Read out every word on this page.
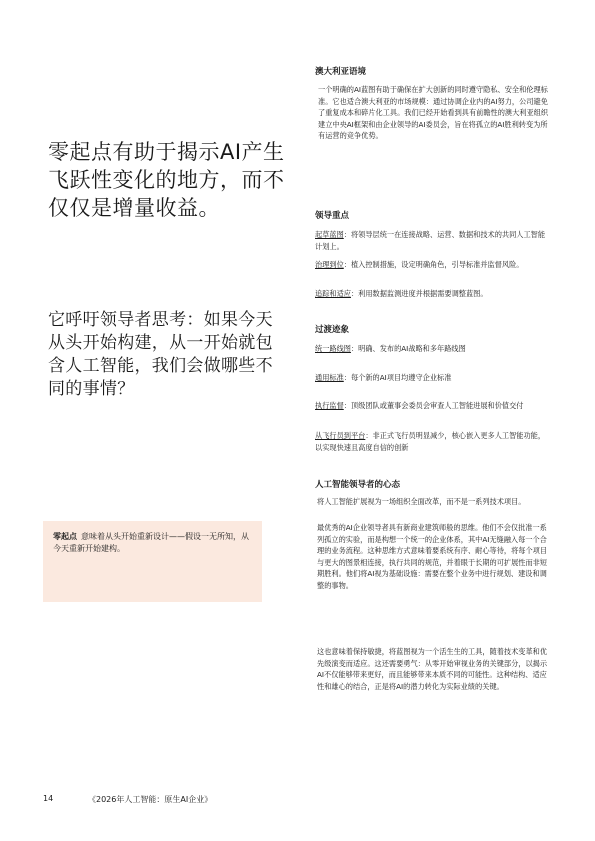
零起点有助于揭示AI产生飞跃性变化的地方，而不仅仅是增量收益。
它呼吁领导者思考：如果今天从头开始构建，从一开始就包含人工智能，我们会做哪些不同的事情？
零起点 意味着从头开始重新设计——假设一无所知，从今天重新开始建构。
澳大利亚语境
一个明确的AI蓝图有助于确保在扩大创新的同时遵守隐私、安全和伦理标准。它也适合澳大利亚的市场规模：通过协调企业内的AI努力，公司避免了重复成本和碎片化工具。我们已经开始看到具有前瞻性的澳大利亚组织建立中央AI框架和由企业领导的AI委员会，旨在将孤立的AI胜利转变为所有运营的竞争优势。
领导重点
起草蓝图：将领导层统一在连接战略、运营、数据和技术的共同人工智能计划上。
治理到位：植入控制措施，设定明确角色，引导标准并监督风险。
追踪和适应：利用数据监测进度并根据需要调整蓝图。
过渡迹象
统一路线图：明确、发布的AI战略和多年路线图
通用标准：每个新的AI项目均遵守企业标准
执行监督：顶级团队或董事会委员会审查人工智能进展和价值交付
从飞行员到平台：非正式飞行员明显减少，核心嵌入更多人工智能功能，以实现快速且高度自信的创新
人工智能领导者的心态
将人工智能扩展视为一场组织全面改革，而不是一系列技术项目。
最优秀的AI企业领导者具有新商业建筑师般的思维。他们不会仅批准一系列孤立的实验，而是构想一个统一的企业体系，其中AI无缝融入每一个合理的业务流程。这种思维方式意味着要系统有序、耐心等待，将每个项目与更大的图景相连接，执行共同的规范，并着眼于长期的可扩展性而非短期胜利。他们将AI视为基础设施：需要在整个业务中进行规划、建设和调整的事物。
这也意味着保持敏捷，将蓝图视为一个活生生的工具，随着技术变革和优先级演变而适应。这还需要勇气：从零开始审视业务的关键部分，以揭示AI不仅能够带来更好，而且能够带来本质不同的可能性。这种结构、适应性和雄心的结合，正是将AI的潜力转化为实际业绩的关键。
14	《2026年人工智能：原生AI企业》
